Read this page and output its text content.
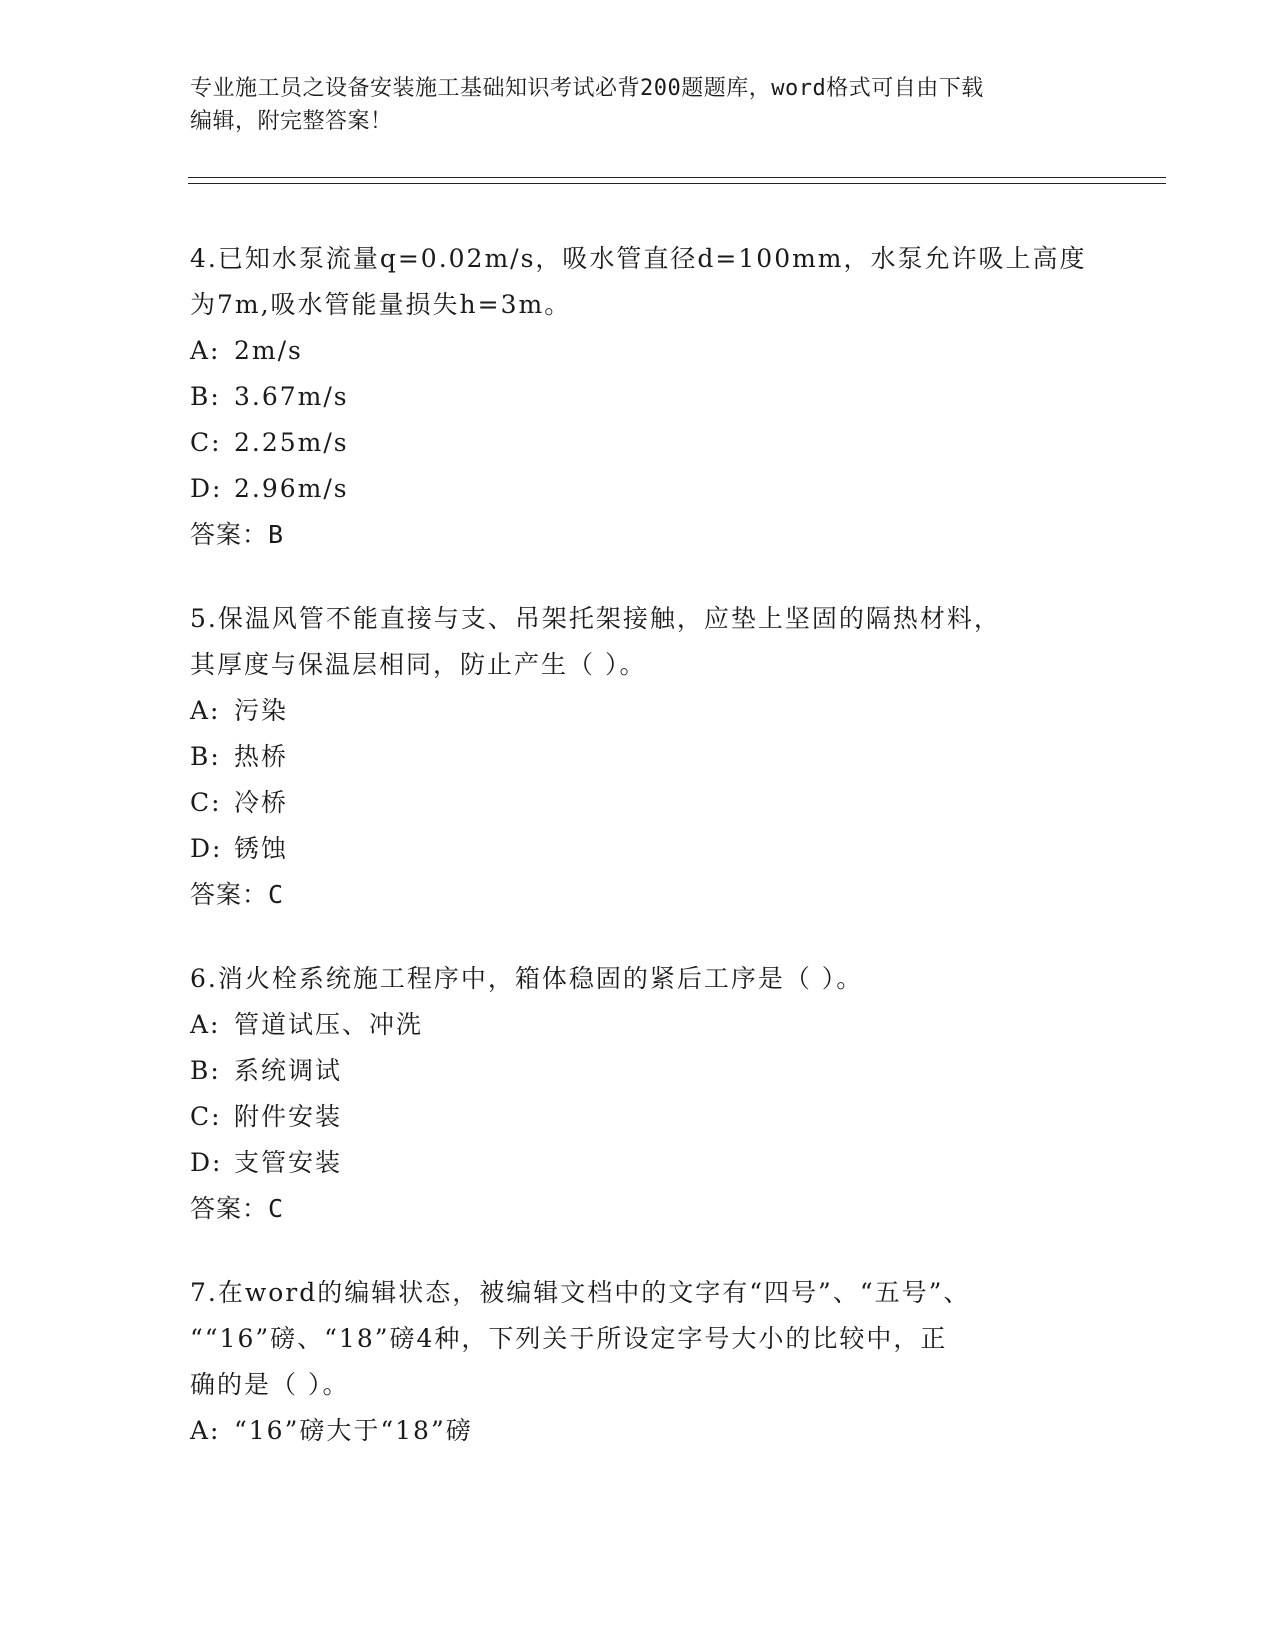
专业施工员之设备安装施工基础知识考试必背200题题库，word格式可自由下载
编辑，附完整答案！

4.已知水泵流量q=0.02m/s，吸水管直径d=100mm，水泵允许吸上高度
为7m,吸水管能量损失h=3m。

A: 2m/s

B: 3.67m/s

C: 2.25m/s

D: 2.96m/s

答案：B

5.保温风管不能直接与支、吊架托架接触，应垫上坚固的隔热材料，
其厚度与保温层相同，防止产生（ ）。

A: 污染

B: 热桥

C: 冷桥

D: 锈蚀

答案：C

6.消火栓系统施工程序中，箱体稳固的紧后工序是（ ）。

A: 管道试压、冲洗

B: 系统调试

C: 附件安装

D: 支管安装

答案：C

7.在word的编辑状态，被编辑文档中的文字有“四号”、“五号”、
““16”磅、“18”磅4种，下列关于所设定字号大小的比较中，正
确的是（ ）。

A: “16”磅大于“18”磅
